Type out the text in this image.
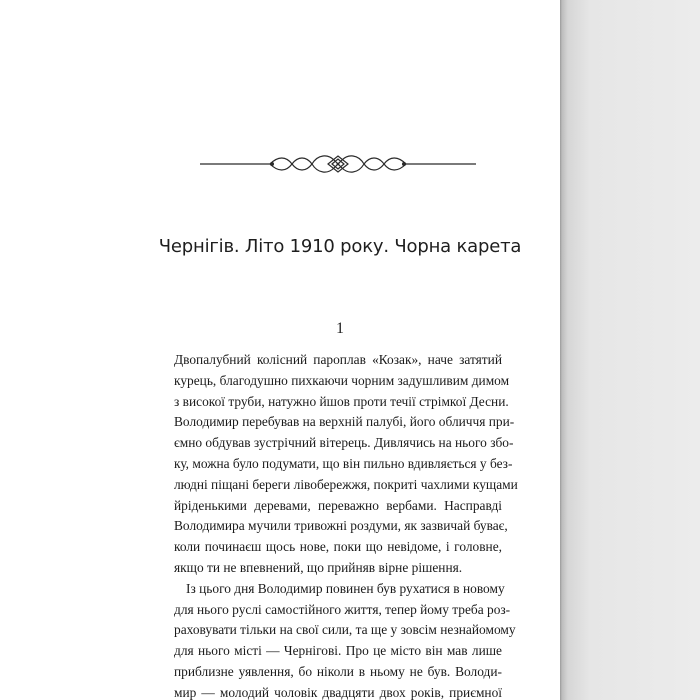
Чернігів. Літо 1910 року. Чорна карета
1
Двопалубний колісний пароплав «Козак», наче затятий
курець, благодушно пихкаючи чорним задушливим димом
з високої труби, натужно йшов проти течії стрімкої Десни.
Володимир перебував на верхній палубі, його обличчя при-
ємно обдував зустрічний вітерець. Дивлячись на нього збо-
ку, можна було подумати, що він пильно вдивляється у без-
людні піщані береги лівобережжя, покриті чахлими кущами
йріденькими деревами, переважно вербами. Насправді
Володимира мучили тривожні роздуми, як зазвичай буває,
коли починаєш щось нове, поки що невідоме, і головне,
якщо ти не впевнений, що прийняв вірне рішення.
Із цього дня Володимир повинен був рухатися в новому
для нього руслі самостійного життя, тепер йому треба роз-
раховувати тільки на свої сили, та ще у зовсім незнайомому
для нього місті — Чернігові. Про це місто він мав лише
приблизне уявлення, бо ніколи в ньому не був. Володи-
мир — молодий чоловік двадцяти двох років, приємної
